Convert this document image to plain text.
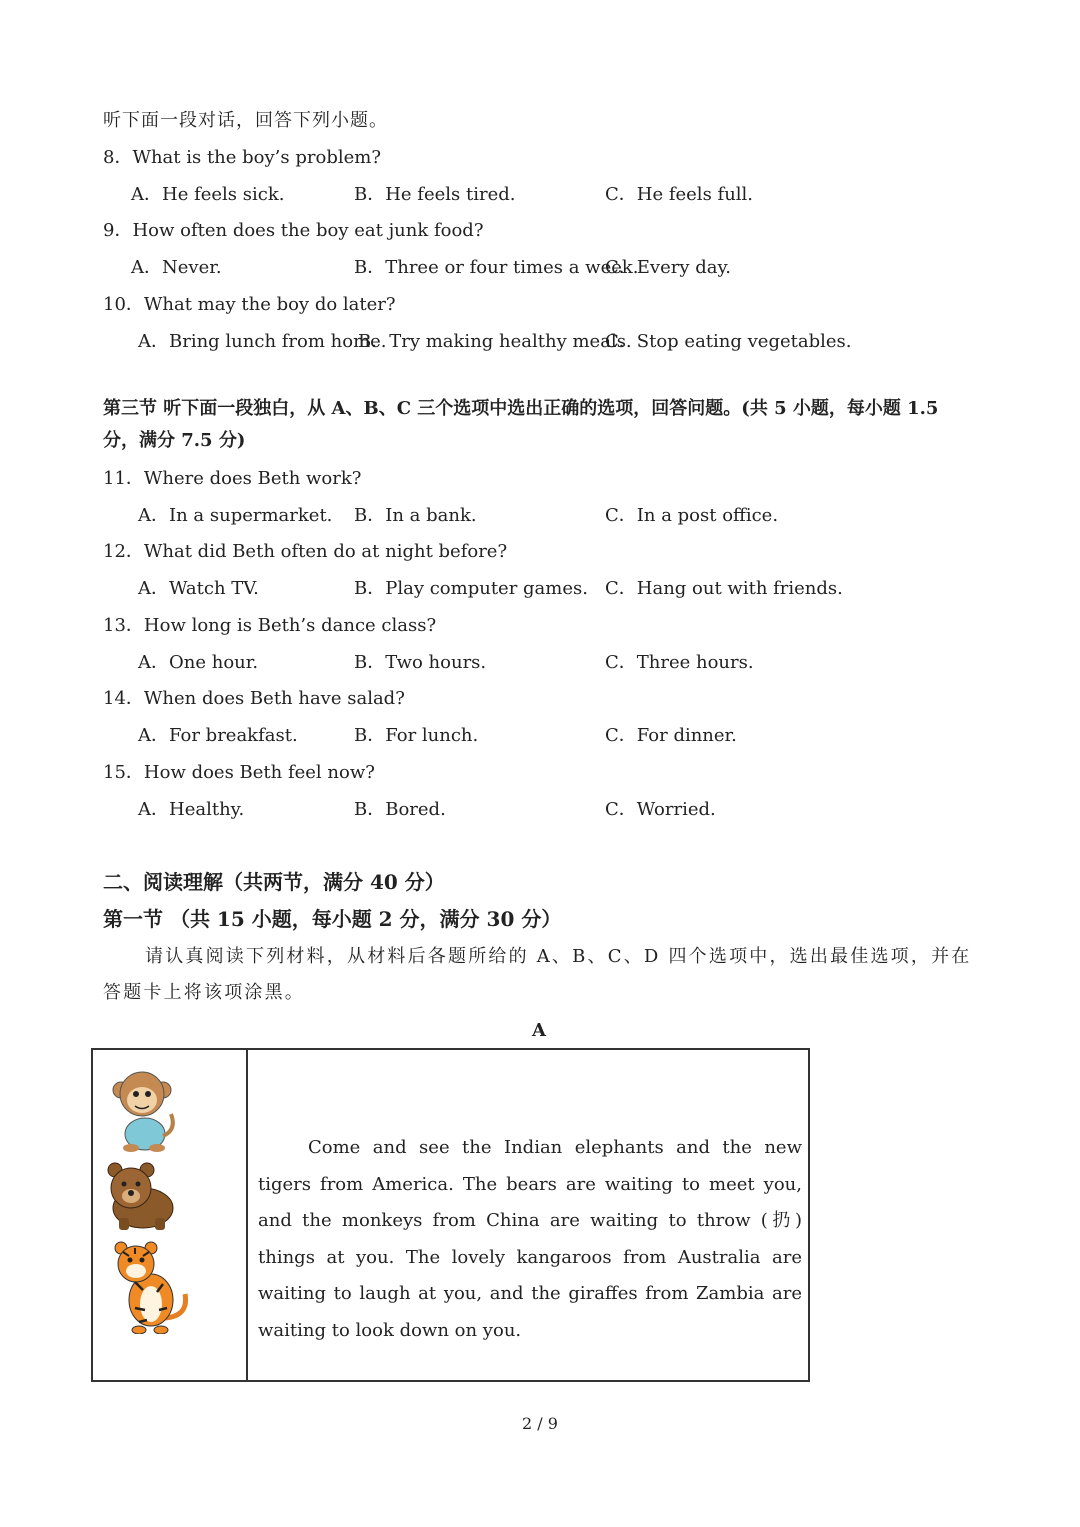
听下面一段对话，回答下列小题。
8．What is the boy’s problem?
A．He feels sick.	B．He feels tired.	C．He feels full.
9．How often does the boy eat junk food?
A．Never.	B．Three or four times a week.
C．Every day.
10．What may the boy do later?
A．Bring lunch from home.
B．Try making healthy meals.
C．Stop eating vegetables.
第三节 听下面一段独白，从 A、B、C 三个选项中选出正确的选项，回答问题。(共 5 小题，每小题 1.5
分，满分 7.5 分)
11．Where does Beth work?
A．In a supermarket. B．In a bank.	C．In a post office.
12．What did Beth often do at night before?
A．Watch TV.	B．Play computer games. C．Hang out with friends.
13．How long is Beth’s dance class?
A．One hour.	B．Two hours.	C．Three hours.
14．When does Beth have salad?
A．For breakfast.	B．For lunch.	C．For dinner.
15．How does Beth feel now?
A．Healthy.	B．Bored.	C．Worried.
二、阅读理解（共两节，满分 40 分）
第一节 （共 15 小题，每小题 2 分，满分 30 分）
请认真阅读下列材料，从材料后各题所给的 A、B、C、D 四个选项中，选出最佳选项，并在
答题卡上将该项涂黑。
A
Come and see the Indian elephants and the new tigers from America. The bears are waiting to meet you, and the monkeys from China are waiting to throw (扔) things at you. The lovely kangaroos from Australia are waiting to laugh at you, and the giraffes from Zambia are waiting to look down on you.
2 / 9
